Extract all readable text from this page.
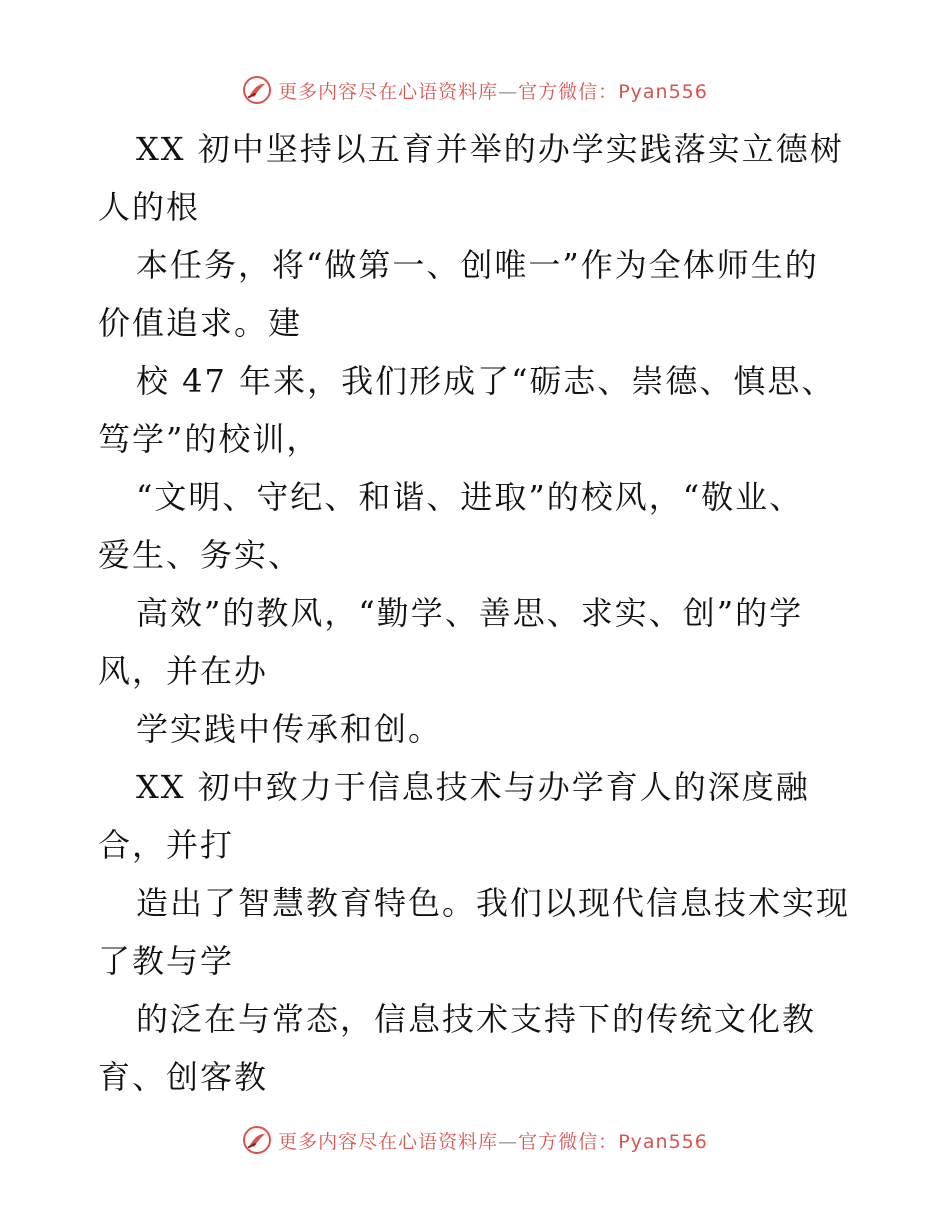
更多内容尽在心语资料库—官方微信：Pyan556
XX 初中坚持以五育并举的办学实践落实立德树
人的根
本任务，将“做第一、创唯一”作为全体师生的
价值追求。建
校 47 年来，我们形成了“砺志、崇德、慎思、
笃学”的校训，
“文明、守纪、和谐、进取”的校风，“敬业、
爱生、务实、
高效”的教风，“勤学、善思、求实、创”的学
风，并在办
学实践中传承和创。
XX 初中致力于信息技术与办学育人的深度融
合，并打
造出了智慧教育特色。我们以现代信息技术实现
了教与学
的泛在与常态，信息技术支持下的传统文化教
育、创客教
更多内容尽在心语资料库—官方微信：Pyan556
